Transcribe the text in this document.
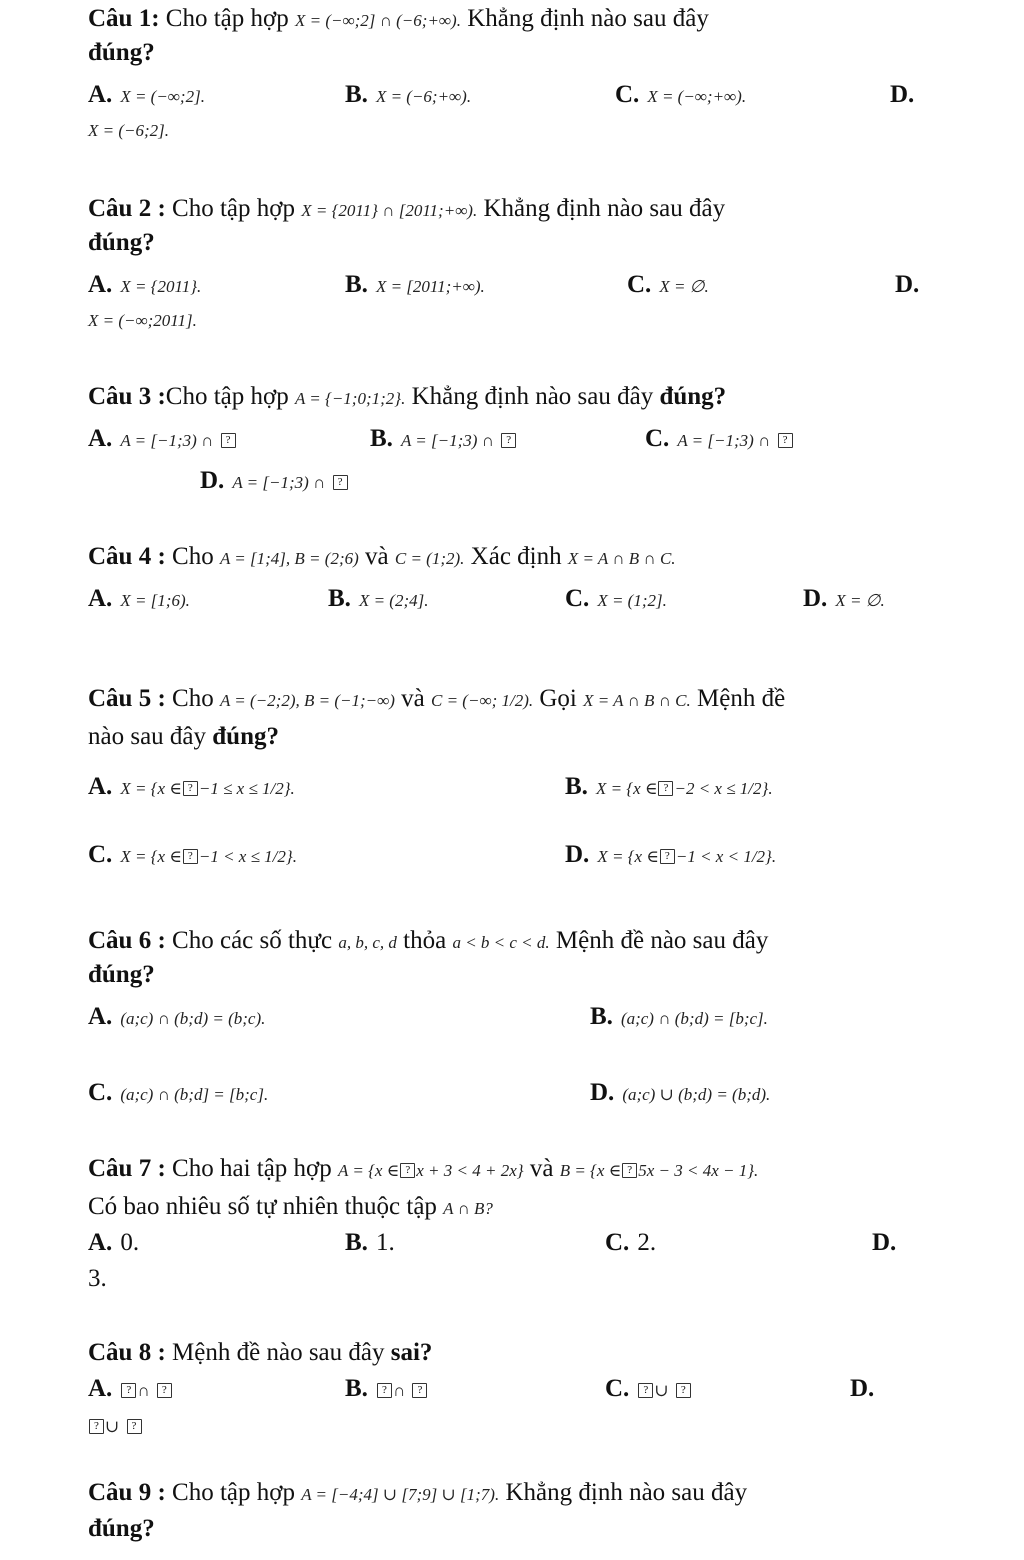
Câu 1: Cho tập hợp X = (−∞;2] ∩ (−6;+∞). Khẳng định nào sau đây
đúng?
A. X = (−∞;2].	B. X = (−6;+∞).	C. X = (−∞;+∞).	D.
X = (−6;2].
Câu 2 : Cho tập hợp X = {2011} ∩ [2011;+∞). Khẳng định nào sau đây
đúng?
A. X = {2011}.	B. X = [2011;+∞).	C. X = ∅.	D.
X = (−∞;2011].
Câu 3 :Cho tập hợp A = {−1;0;1;2}. Khẳng định nào sau đây đúng?
A. A = [−1;3) ∩ ?	B. A = [−1;3) ∩ ?	C. A = [−1;3) ∩ ?
D. A = [−1;3) ∩ ?
Câu 4 : Cho A = [1;4], B = (2;6) và C = (1;2). Xác định X = A ∩ B ∩ C.
A. X = [1;6).	B. X = (2;4].	C. X = (1;2].	D. X = ∅.
Câu 5 : Cho A = (−2;2), B = (−1;−∞) và C = (−∞; 1/2). Gọi X = A ∩ B ∩ C. Mệnh đề
nào sau đây đúng?
A. X = {x ∈ ? −1 ≤ x ≤ 1/2}.	B. X = {x ∈ ? −2 < x ≤ 1/2}.
C. X = {x ∈ ? −1 < x ≤ 1/2}.	D. X = {x ∈ ? −1 < x < 1/2}.
Câu 6 : Cho các số thực a, b, c, d thỏa a < b < c < d. Mệnh đề nào sau đây
đúng?
A. (a;c) ∩ (b;d) = (b;c).	B. (a;c) ∩ (b;d) = [b;c].
C. (a;c) ∩ (b;d] = [b;c].	D. (a;c) ∪ (b;d) = (b;d).
Câu 7 : Cho hai tập hợp A = {x ∈ ? x + 3 < 4 + 2x} và B = {x ∈ ? 5x − 3 < 4x − 1}.
Có bao nhiêu số tự nhiên thuộc tập A ∩ B?
A. 0.	B. 1.	C. 2.	D.
3.
Câu 8 : Mệnh đề nào sau đây sai?
A. ? ∩ ?	B. ? ∩ ?	C. ? ∪ ?	D.
? ∪ ?
Câu 9 : Cho tập hợp A = [−4;4] ∪ [7;9] ∪ [1;7). Khẳng định nào sau đây
đúng?
